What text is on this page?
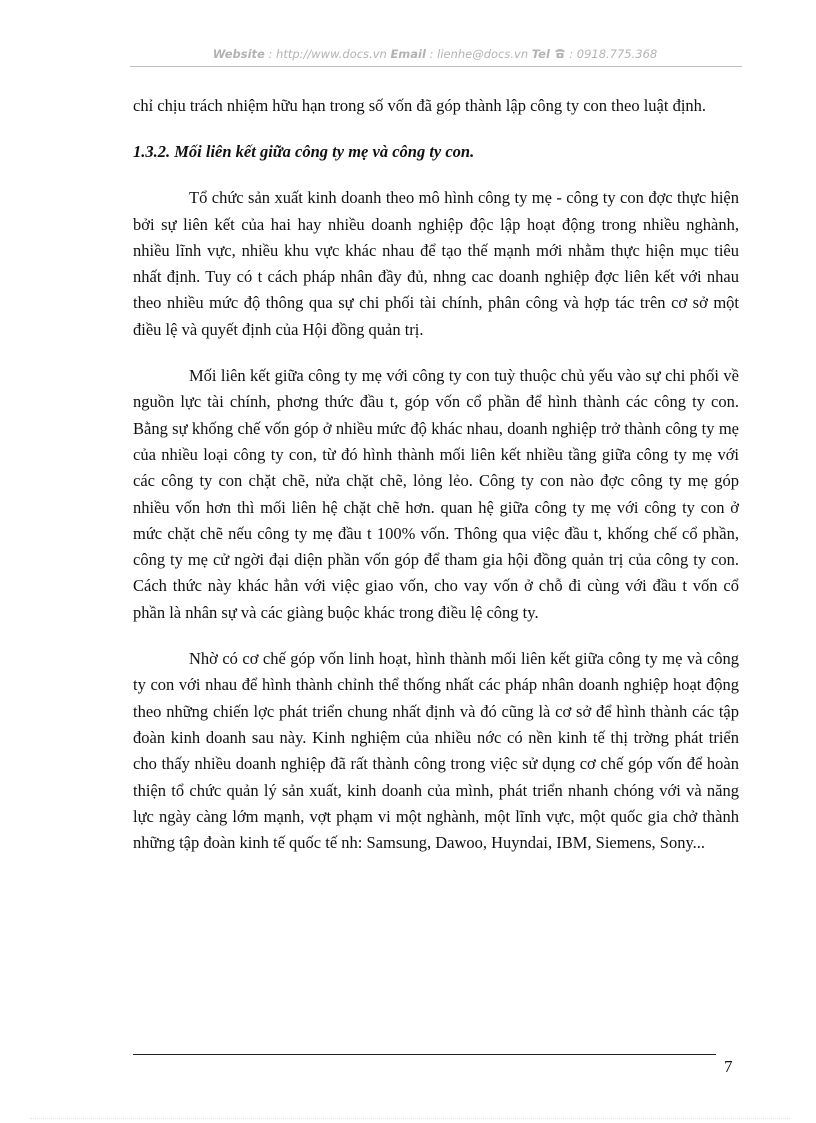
Website : http://www.docs.vn Email : lienhe@docs.vn Tel  : 0918.775.368

chỉ chịu trách nhiệm hữu hạn trong số vốn đã góp thành lập công ty con theo luật định.

1.3.2. Mối liên kết giữa công ty mẹ và công ty con.

Tổ chức sản xuất kinh doanh theo mô hình công ty mẹ - công ty con đợc thực hiện bởi sự liên kết của hai hay nhiều doanh nghiệp độc lập hoạt động trong nhiều nghành, nhiều lĩnh vực, nhiều khu vực khác nhau để tạo thế mạnh mới nhằm thực hiện mục tiêu nhất định. Tuy có t cách pháp nhân đầy đủ, nhng cac doanh nghiệp đợc liên kết với nhau theo nhiều mức độ thông qua sự chi phối tài chính, phân công và hợp tác trên cơ sở một điều lệ và quyết định của Hội đồng quản trị.

Mối liên kết giữa công ty mẹ với công ty con tuỳ thuộc chủ yếu vào sự chi phối về nguồn lực tài chính, phơng thức đầu t, góp vốn cổ phần để hình thành các công ty con. Bằng sự khống chế vốn góp ở nhiều mức độ khác nhau, doanh nghiệp trở thành công ty mẹ của nhiều loại công ty con, từ đó hình thành mối liên kết nhiều tầng giữa công ty mẹ với các công ty con chặt chẽ, nửa chặt chẽ, lỏng lẻo. Công ty con nào đợc công ty mẹ góp nhiều vốn hơn thì mối liên hệ chặt chẽ hơn. quan hệ giữa công ty mẹ với công ty con ở mức chặt chẽ nếu công ty mẹ đầu t 100% vốn. Thông qua việc đầu t, khống chế cổ phần, công ty mẹ cử ngời đại diện phần vốn góp để tham gia hội đồng quản trị của công ty con. Cách thức này khác hẳn với việc giao vốn, cho vay vốn ở chỗ đi cùng với đầu t vốn cổ phần là nhân sự và các giàng buộc khác trong điều lệ công ty.

Nhờ có cơ chế góp vốn linh hoạt, hình thành mối liên kết giữa công ty mẹ và công ty con với nhau để hình thành chỉnh thể thống nhất các pháp nhân doanh nghiệp hoạt động theo những chiến lợc phát triển chung nhất định và đó cũng là cơ sở để hình thành các tập đoàn kinh doanh sau này. Kinh nghiệm của nhiều nớc có nền kinh tế thị trờng phát triển cho thấy nhiều doanh nghiệp đã rất thành công trong việc sử dụng cơ chế góp vốn để hoàn thiện tổ chức quản lý sản xuất, kinh doanh của mình, phát triển nhanh chóng với và năng lực ngày càng lớm mạnh, vợt phạm vi một nghành, một lĩnh vực, một quốc gia chở thành những tập đoàn kinh tế quốc tế nh: Samsung, Dawoo, Huyndai, IBM, Siemens, Sony...

7
